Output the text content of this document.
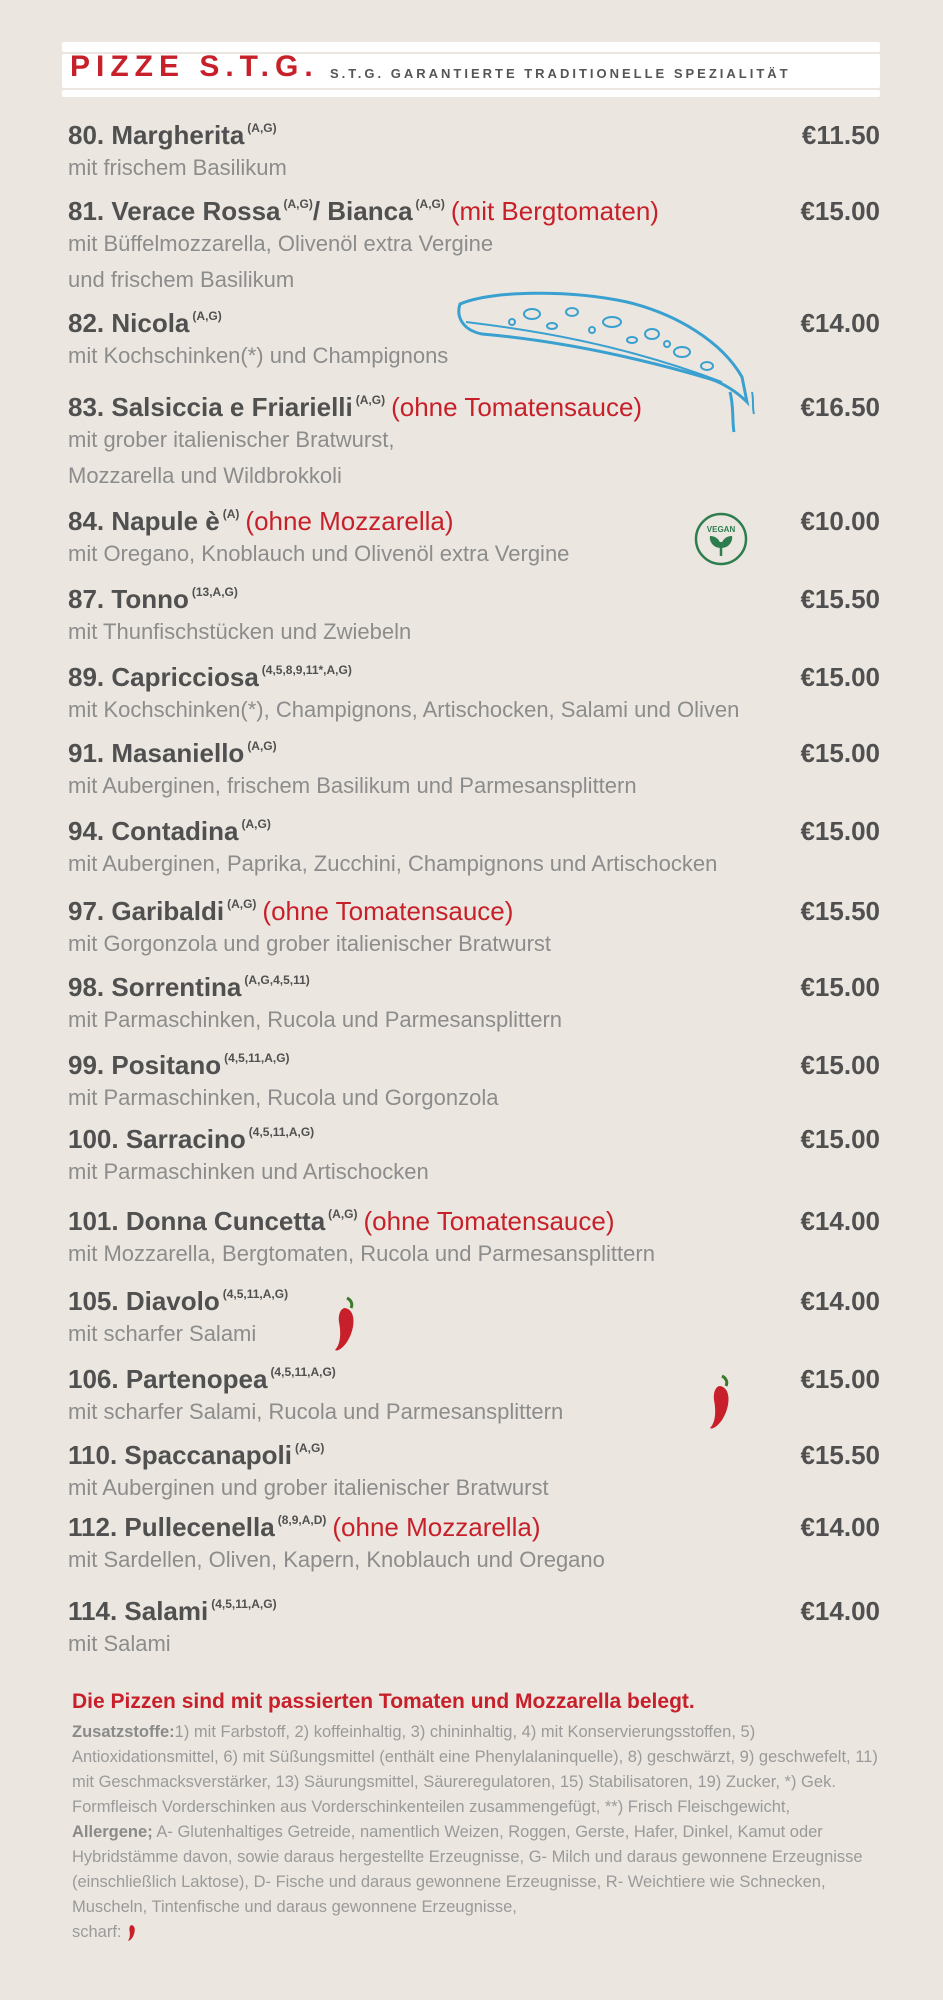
PIZZE S.T.G. S.T.G. GARANTIERTE TRADITIONELLE SPEZIALITÄT
80. Margherita $^{(A,G)}$	€11.50
mit frischem Basilikum
81. Verace Rossa $^{(A,G)}$/ Bianca $^{(A,G)}$ (mit Bergtomaten)	€15.00
mit Büffelmozzarella, Olivenöl extra Vergine
und frischem Basilikum
82. Nicola $^{(A,G)}$	€14.00
mit Kochschinken(*) und Champignons
83. Salsiccia e Friarielli $^{(A,G)}$ (ohne Tomatensauce)	€16.50
mit grober italienischer Bratwurst,
Mozzarella und Wildbrokkoli
84. Napule è $^{(A)}$ (ohne Mozzarella)	€10.00
mit Oregano, Knoblauch und Olivenöl extra Vergine
87. Tonno $^{(13,A,G)}$	€15.50
mit Thunfischstücken und Zwiebeln
89. Capricciosa $^{(4,5,8,9,11*,A,G)}$	€15.00
mit Kochschinken(*), Champignons, Artischocken, Salami und Oliven
91. Masaniello $^{(A,G)}$	€15.00
mit Auberginen, frischem Basilikum und Parmesansplittern
94. Contadina $^{(A,G)}$	€15.00
mit Auberginen, Paprika, Zucchini, Champignons und Artischocken
97. Garibaldi $^{(A,G)}$ (ohne Tomatensauce)	€15.50
mit Gorgonzola und grober italienischer Bratwurst
98. Sorrentina $^{(A,G,4,5,11)}$	€15.00
mit Parmaschinken, Rucola und Parmesansplittern
99. Positano $^{(4,5,11,A,G)}$	€15.00
mit Parmaschinken, Rucola und Gorgonzola
100. Sarracino $^{(4,5,11,A,G)}$	€15.00
mit Parmaschinken und Artischocken
101. Donna Cuncetta $^{(A,G)}$ (ohne Tomatensauce)	€14.00
mit Mozzarella, Bergtomaten, Rucola und Parmesansplittern
105. Diavolo $^{(4,5,11,A,G)}$	€14.00
mit scharfer Salami
106. Partenopea $^{(4,5,11,A,G)}$	€15.00
mit scharfer Salami, Rucola und Parmesansplittern
110. Spaccanapoli $^{(A,G)}$	€15.50
mit Auberginen und grober italienischer Bratwurst
112. Pullecenella $^{(8,9,A,D)}$ (ohne Mozzarella)	€14.00
mit Sardellen, Oliven, Kapern, Knoblauch und Oregano
114. Salami $^{(4,5,11,A,G)}$	€14.00
mit Salami
VEGAN
Die Pizzen sind mit passierten Tomaten und Mozzarella belegt.
Zusatzstoffe:1) mit Farbstoff, 2) koffeinhaltig, 3) chininhaltig, 4) mit Konservierungsstoffen, 5) Antioxidationsmittel, 6) mit Süßungsmittel (enthält eine Phenylalaninquelle), 8) geschwärzt, 9) geschwefelt, 11) mit Geschmacksverstärker, 13) Säurungsmittel, Säureregulatoren, 15) Stabilisatoren, 19) Zucker, *) Gek. Formfleisch Vorderschinken aus Vorderschinkenteilen zusammengefügt, **) Frisch Fleischgewicht,
Allergene; A- Glutenhaltiges Getreide, namentlich Weizen, Roggen, Gerste, Hafer, Dinkel, Kamut oder Hybridstämme davon, sowie daraus hergestellte Erzeugnisse, G- Milch und daraus gewonnene Erzeugnisse (einschließlich Laktose), D- Fische und daraus gewonnene Erzeugnisse, R- Weichtiere wie Schnecken, Muscheln, Tintenfische und daraus gewonnene Erzeugnisse,
scharf:
